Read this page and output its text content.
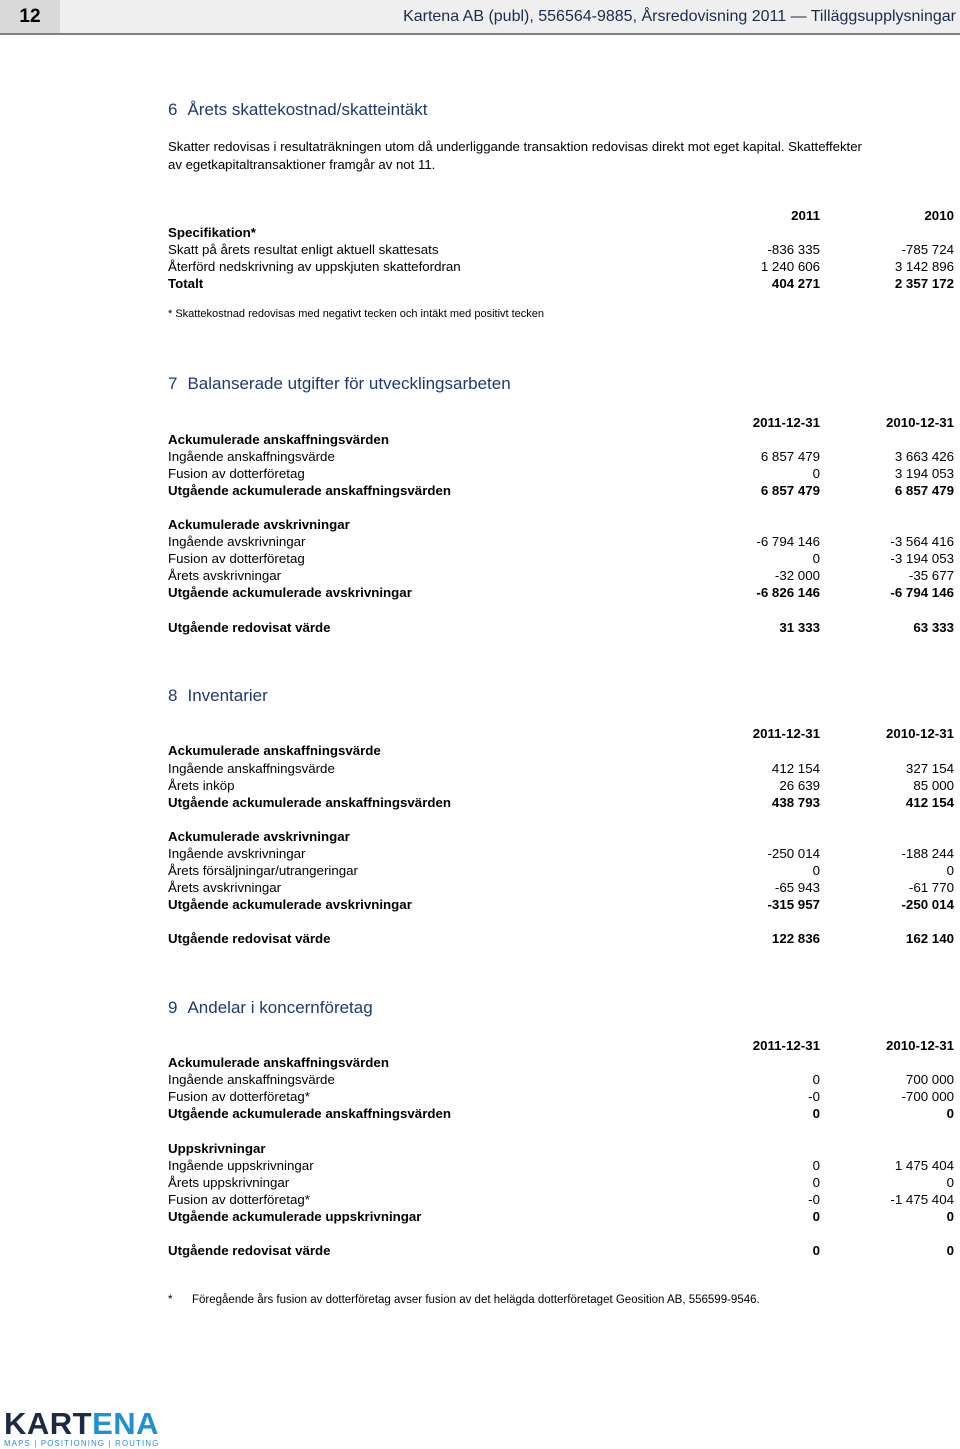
12	Kartena AB (publ), 556564-9885, Årsredovisning 2011 — Tilläggsupplysningar
6 Årets skattekostnad/skatteintäkt
Skatter redovisas i resultaträkningen utom då underliggande transaktion redovisas direkt mot eget kapital. Skatteffekter
av egetkapitaltransaktioner framgår av not 11.
2011	2010
Specifikation*
Skatt på årets resultat enligt aktuell skattesats	-836 335	-785 724
Återförd nedskrivning av uppskjuten skattefordran	1 240 606	3 142 896
Totalt	404 271	2 357 172
* Skattekostnad redovisas med negativt tecken och intäkt med positivt tecken
7 Balanserade utgifter för utvecklingsarbeten
2011-12-31	2010-12-31
Ackumulerade anskaffningsvärden
Ingående anskaffningsvärde	6 857 479	3 663 426
Fusion av dotterföretag	0	3 194 053
Utgående ackumulerade anskaffningsvärden	6 857 479	6 857 479
Ackumulerade avskrivningar
Ingående avskrivningar	-6 794 146	-3 564 416
Fusion av dotterföretag	0	-3 194 053
Årets avskrivningar	-32 000	-35 677
Utgående ackumulerade avskrivningar	-6 826 146	-6 794 146
Utgående redovisat värde	31 333	63 333
8 Inventarier
2011-12-31	2010-12-31
Ackumulerade anskaffningsvärde
Ingående anskaffningsvärde	412 154	327 154
Årets inköp	26 639	85 000
Utgående ackumulerade anskaffningsvärden	438 793	412 154
Ackumulerade avskrivningar
Ingående avskrivningar	-250 014	-188 244
Årets försäljningar/utrangeringar	0	0
Årets avskrivningar	-65 943	-61 770
Utgående ackumulerade avskrivningar	-315 957	-250 014
Utgående redovisat värde	122 836	162 140
9 Andelar i koncernföretag
2011-12-31	2010-12-31
Ackumulerade anskaffningsvärden
Ingående anskaffningsvärde	0	700 000
Fusion av dotterföretag*	-0	-700 000
Utgående ackumulerade anskaffningsvärden	0	0
Uppskrivningar
Ingående uppskrivningar	0	1 475 404
Årets uppskrivningar	0	0
Fusion av dotterföretag*	-0	-1 475 404
Utgående ackumulerade uppskrivningar	0	0
Utgående redovisat värde	0	0
* Föregående års fusion av dotterföretag avser fusion av det helägda dotterföretaget Geosition AB, 556599-9546.
KARTENA
MAPS | POSITIONING | ROUTING
